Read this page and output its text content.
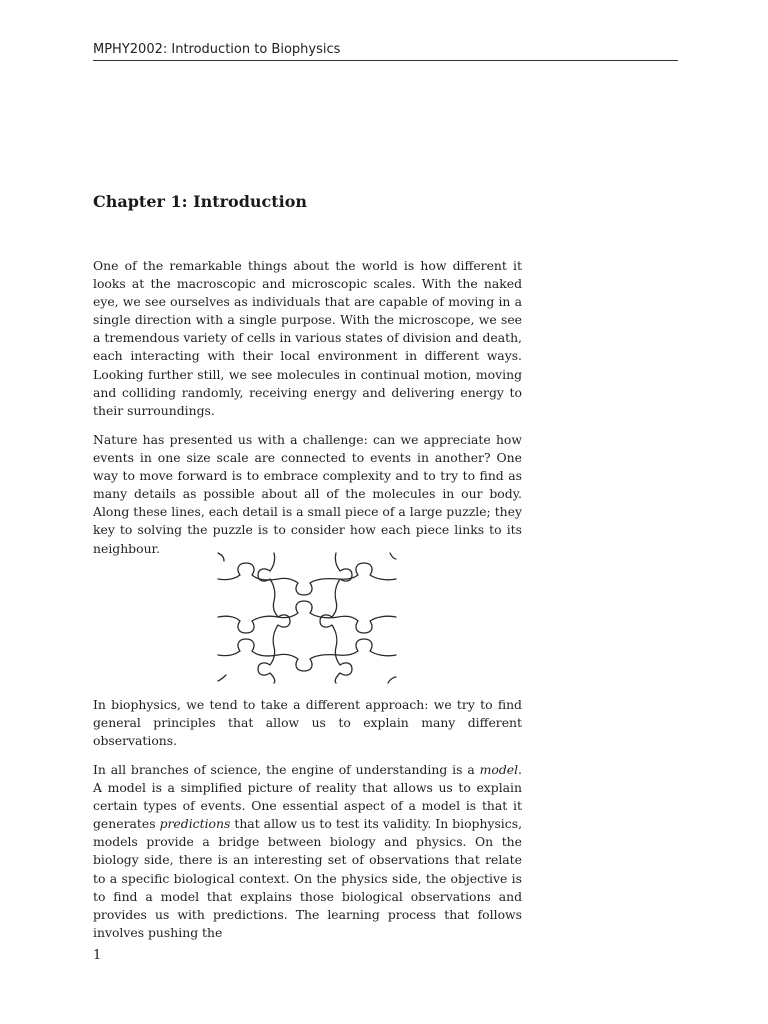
MPHY2002: Introduction to Biophysics
Chapter 1: Introduction

One of the remarkable things about the world is how different it looks at the macroscopic and microscopic scales. With the naked eye, we see ourselves as individuals that are capable of moving in a single direction with a single purpose. With the microscope, we see a tremendous variety of cells in various states of division and death, each interacting with their local environment in different ways. Looking further still, we see molecules in continual motion, moving and colliding randomly, receiving energy and delivering energy to their surroundings.

Nature has presented us with a challenge: can we appreciate how events in one size scale are connected to events in another? One way to move forward is to embrace complexity and to try to find as many details as possible about all of the molecules in our body. Along these lines, each detail is a small piece of a large puzzle; they key to solving the puzzle is to consider how each piece links to its neighbour.

In biophysics, we tend to take a different approach: we try to find general principles that allow us to explain many different observations.

In all branches of science, the engine of understanding is a model. A model is a simplified picture of reality that allows us to explain certain types of events. One essential aspect of a model is that it generates predictions that allow us to test its validity. In biophysics, models provide a bridge between biology and physics. On the biology side, there is an interesting set of observations that relate to a specific biological context. On the physics side, the objective is to find a model that explains those biological observations and provides us with predictions. The learning process that follows involves pushing the

1
